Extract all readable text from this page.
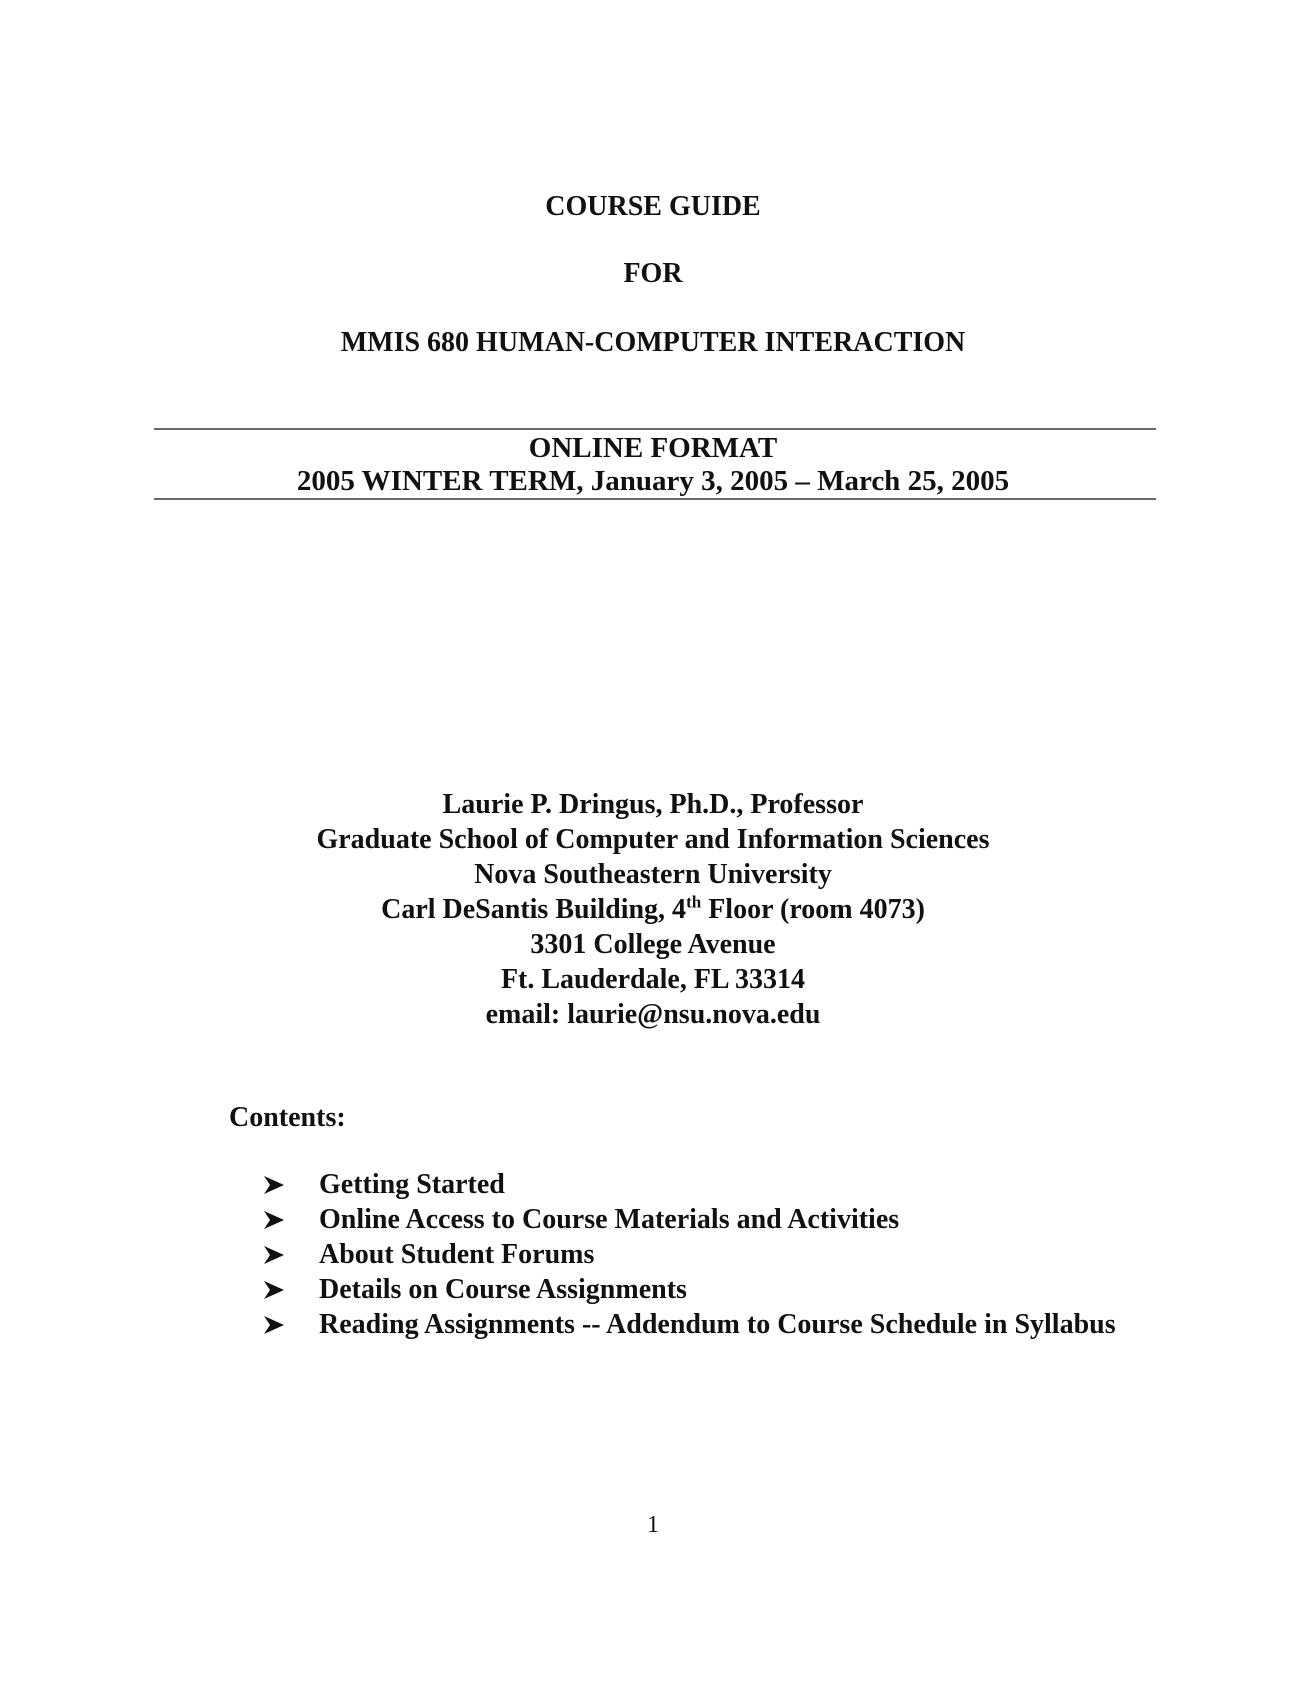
COURSE GUIDE
FOR
MMIS 680 HUMAN-COMPUTER INTERACTION
ONLINE FORMAT
2005 WINTER TERM, January 3, 2005 – March 25, 2005
Laurie P. Dringus, Ph.D., Professor
Graduate School of Computer and Information Sciences
Nova Southeastern University
Carl DeSantis Building, 4th Floor (room 4073)
3301 College Avenue
Ft. Lauderdale, FL 33314
email: laurie@nsu.nova.edu
Contents:
Getting Started
Online Access to Course Materials and Activities
About Student Forums
Details on Course Assignments
Reading Assignments -- Addendum to Course Schedule in Syllabus
1
